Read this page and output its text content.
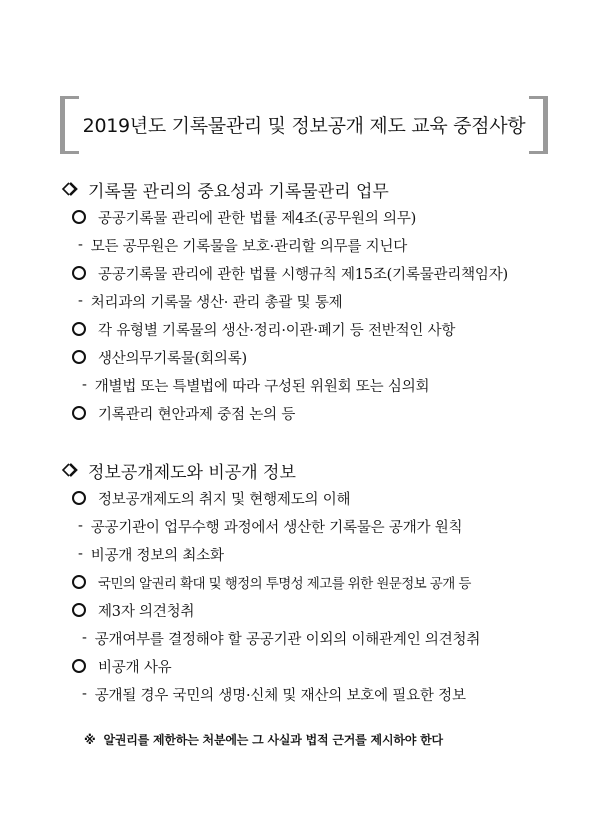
2019년도 기록물관리 및 정보공개 제도 교육 중점사항
기록물 관리의 중요성과 기록물관리 업무
공공기록물 관리에 관한 법률 제4조(공무원의 의무)
- 모든 공무원은 기록물을 보호·관리할 의무를 지닌다
공공기록물 관리에 관한 법률 시행규칙 제15조(기록물관리책임자)
- 처리과의 기록물 생산· 관리 총괄 및 통제
각 유형별 기록물의 생산·정리·이관·폐기 등 전반적인 사항
생산의무기록물(회의록)
- 개별법 또는 특별법에 따라 구성된 위원회 또는 심의회
기록관리 현안과제 중점 논의 등
정보공개제도와 비공개 정보
정보공개제도의 취지 및 현행제도의 이해
- 공공기관이 업무수행 과정에서 생산한 기록물은 공개가 원칙
- 비공개 정보의 최소화
국민의 알권리 확대 및 행정의 투명성 제고를 위한 원문정보 공개 등
제3자 의견청취
- 공개여부를 결정해야 할 공공기관 이외의 이해관계인 의견청취
비공개 사유
- 공개될 경우 국민의 생명·신체 및 재산의 보호에 필요한 정보
※ 알권리를 제한하는 처분에는 그 사실과 법적 근거를 제시하야 한다
